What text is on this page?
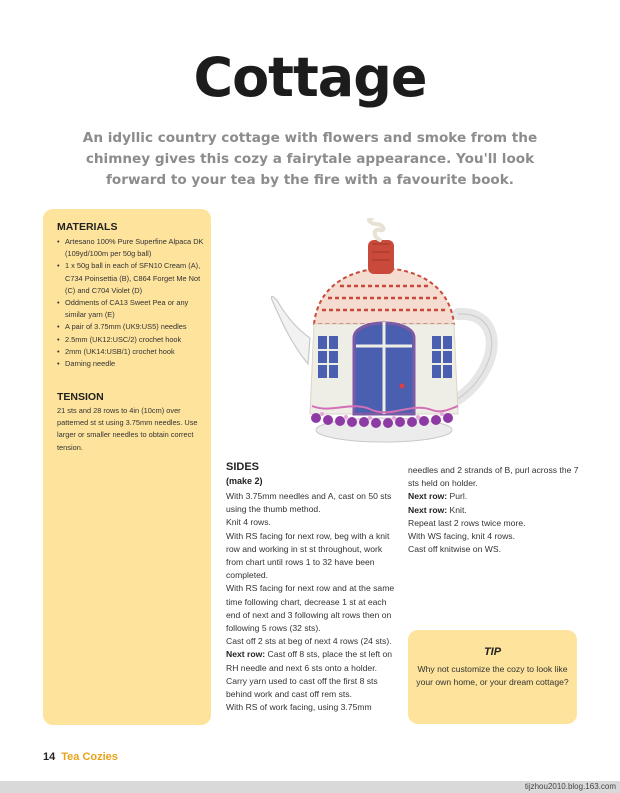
Cottage
An idyllic country cottage with flowers and smoke from the chimney gives this cozy a fairytale appearance. You'll look forward to your tea by the fire with a favourite book.
MATERIALS
• Artesano 100% Pure Superfine Alpaca DK (109yd/100m per 50g ball)
• 1 x 50g ball in each of SFN10 Cream (A), C734 Poinsettia (B), C864 Forget Me Not (C) and C704 Violet (D)
• Oddments of CA13 Sweet Pea or any similar yarn (E)
• A pair of 3.75mm (UK9:US5) needles
• 2.5mm (UK12:USC/2) crochet hook
• 2mm (UK14:USB/1) crochet hook
• Darning needle
TENSION
21 sts and 28 rows to 4in (10cm) over patterned st st using 3.75mm needles. Use larger or smaller needles to obtain correct tension.
SIDES
(make 2)

With 3.75mm needles and A, cast on 50 sts using the thumb method.

Knit 4 rows.

With RS facing for next row, beg with a knit row and working in st st throughout, work from chart until rows 1 to 32 have been completed.

With RS facing for next row and at the same time following chart, decrease 1 st at each end of next and 3 following alt rows then on following 5 rows (32 sts).

Cast off 2 sts at beg of next 4 rows (24 sts).

Next row: Cast off 8 sts, place the st left on RH needle and next 6 sts onto a holder.

Carry yarn used to cast off the first 8 sts behind work and cast off rem sts.

With RS of work facing, using 3.75mm

needles and 2 strands of B, purl across the 7 sts held on holder.

Next row: Purl.

Next row: Knit.

Repeat last 2 rows twice more.

With WS facing, knit 4 rows.

Cast off knitwise on WS.

TIP
Why not customize the cozy to look like your own home, or your dream cottage?
14 Tea Cozies
tijzhou2010.blog.163.com
